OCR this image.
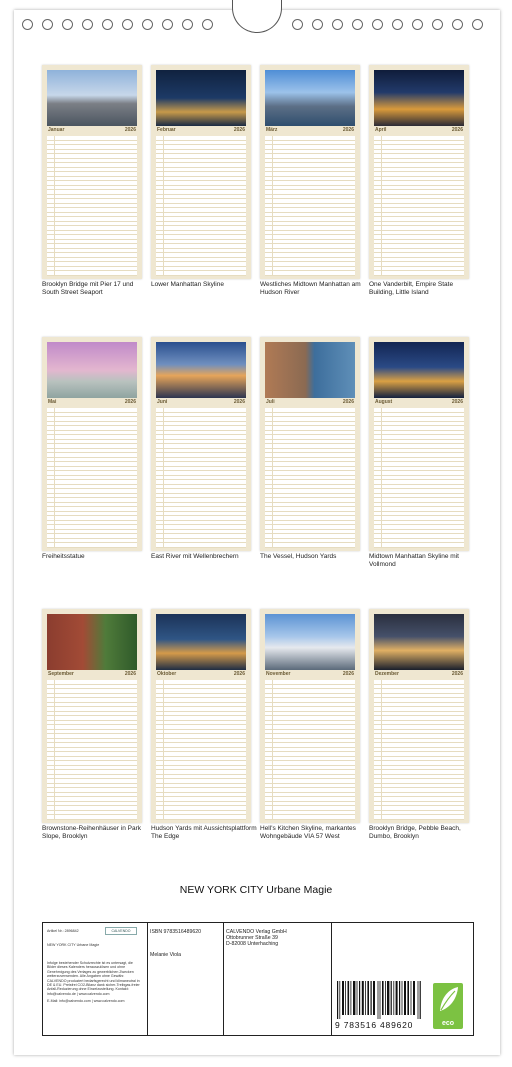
Januar	2026
Brooklyn Bridge mit Pier 17 und South Street Seaport
Februar	2026
Lower Manhattan Skyline
März	2026
Westliches Midtown Manhattan am Hudson River
April	2026
One Vanderbilt, Empire State Building, Little Island
Mai	2026
Freiheitsstatue
Juni	2026
East River mit Wellenbrechern
Juli	2026
The Vessel, Hudson Yards
August	2026
Midtown Manhattan Skyline mit Vollmond
September	2026
Brownstone-Reihenhäuser in Park Slope, Brooklyn
Oktober	2026
Hudson Yards mit Aussichtsplattform The Edge
November	2026
Hell's Kitchen Skyline, markantes Wohngebäude VIA 57 West
Dezember	2026
Brooklyn Bridge, Pebble Beach, Dumbo, Brooklyn
NEW YORK CITY Urbane Magie
Artikel Nr.: 2896842	CALVENDO
NEW YORK CITY Urbane Magie
Infolge bestehender Schutzrechte ist es untersagt, die Bilder dieses Kalenders herauszulösen und ohne Genehmigung des Verlages zu gewerblichen Zwecken weiterzuverwenden. Alle Angaben ohne Gewähr. CALVENDO produziert bedarfsgerecht und klimaneutral in DE & EU. Preisfrei CO2-Bilanz dank sicher-Treibgas-freier Anfall-Reduzierung ohne Einzelzustellung. Kontakt: info@calvendo.de | www.calvendo.com
E-Mail: info@calvendo.com | www.calvendo.com
ISBN 9783516489620
Melanie Viola
CALVENDO Verlag GmbH
Ottobrunner Straße 39
D-82008 Unterhaching
9 783516 489620	eco
